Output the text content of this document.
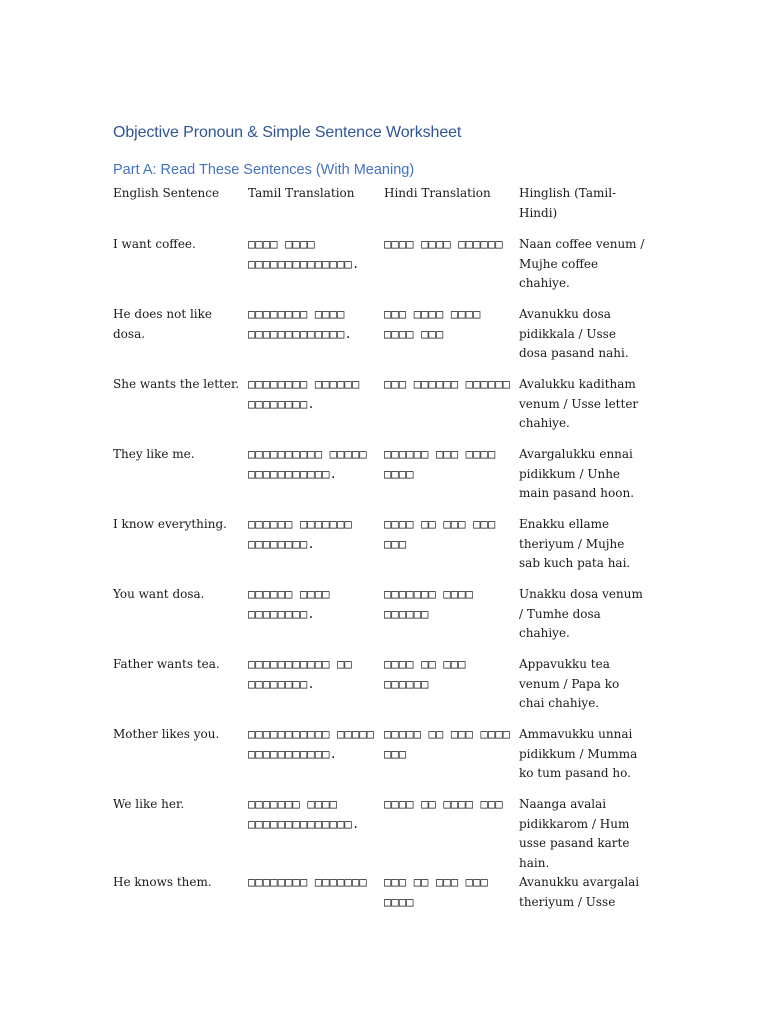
Objective Pronoun & Simple Sentence Worksheet
Part A: Read These Sentences (With Meaning)
English Sentence	Tamil Translation	Hindi Translation	Hinglish (Tamil-Hindi)
I want coffee.	□□□□ □□□□ □□□□□□□□□□□□□□.	□□□□ □□□□ □□□□□□	Naan coffee venum / Mujhe coffee chahiye.
He does not like dosa.	□□□□□□□□ □□□□ □□□□□□□□□□□□□.	□□□ □□□□ □□□□ □□□□ □□□	Avanukku dosa pidikkala / Usse dosa pasand nahi.
She wants the letter.	□□□□□□□□ □□□□□□ □□□□□□□□.	□□□ □□□□□□ □□□□□□	Avalukku kaditham venum / Usse letter chahiye.
They like me.	□□□□□□□□□□ □□□□□ □□□□□□□□□□□.	□□□□□□ □□□ □□□□ □□□□	Avargalukku ennai pidikkum / Unhe main pasand hoon.
I know everything.	□□□□□□ □□□□□□□ □□□□□□□□.	□□□□ □□ □□□ □□□ □□□	Enakku ellame theriyum / Mujhe sab kuch pata hai.
You want dosa.	□□□□□□ □□□□ □□□□□□□□.	□□□□□□□ □□□□ □□□□□□	Unakku dosa venum / Tumhe dosa chahiye.
Father wants tea.	□□□□□□□□□□□ □□ □□□□□□□□.	□□□□ □□ □□□ □□□□□□	Appavukku tea venum / Papa ko chai chahiye.
Mother likes you.	□□□□□□□□□□□ □□□□□ □□□□□□□□□□□.	□□□□□ □□ □□□ □□□□ □□□	Ammavukku unnai pidikkum / Mumma ko tum pasand ho.
We like her.	□□□□□□□ □□□□ □□□□□□□□□□□□□□.	□□□□ □□ □□□□ □□□	Naanga avalai pidikkarom / Hum usse pasand karte hain.
He knows them.	□□□□□□□□ □□□□□□□	□□□ □□ □□□ □□□ □□□□	Avanukku avargalai theriyum / Usse
